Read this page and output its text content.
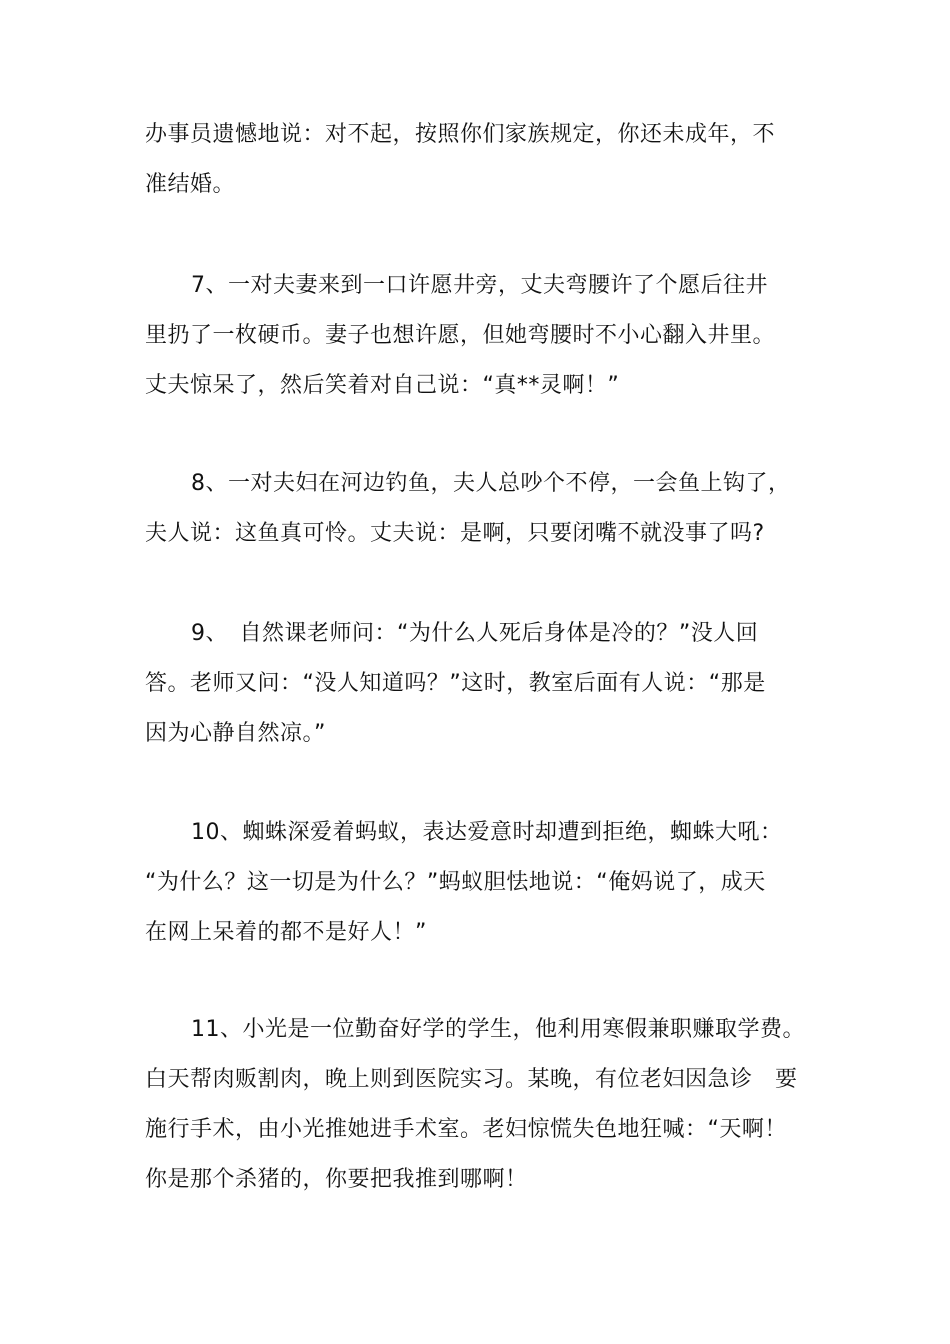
办事员遗憾地说：对不起，按照你们家族规定，你还未成年，不
准结婚。

7、一对夫妻来到一口许愿井旁，丈夫弯腰许了个愿后往井
里扔了一枚硬币。妻子也想许愿，但她弯腰时不小心翻入井里。
丈夫惊呆了，然后笑着对自己说：“真**灵啊！”

8、一对夫妇在河边钓鱼，夫人总吵个不停，一会鱼上钩了，
夫人说：这鱼真可怜。丈夫说：是啊，只要闭嘴不就没事了吗?

9、　自然课老师问：“为什么人死后身体是冷的？”没人回
答。老师又问：“没人知道吗？”这时，教室后面有人说：“那是
因为心静自然凉。”

10、蜘蛛深爱着蚂蚁，表达爱意时却遭到拒绝，蜘蛛大吼：
“为什么？这一切是为什么？”蚂蚁胆怯地说：“俺妈说了，成天
在网上呆着的都不是好人！”

11、小光是一位勤奋好学的学生，他利用寒假兼职赚取学费。
白天帮肉贩割肉，晚上则到医院实习。某晚，有位老妇因急诊　要
施行手术，由小光推她进手术室。老妇惊慌失色地狂喊：“天啊！
你是那个杀猪的，你要把我推到哪啊！
